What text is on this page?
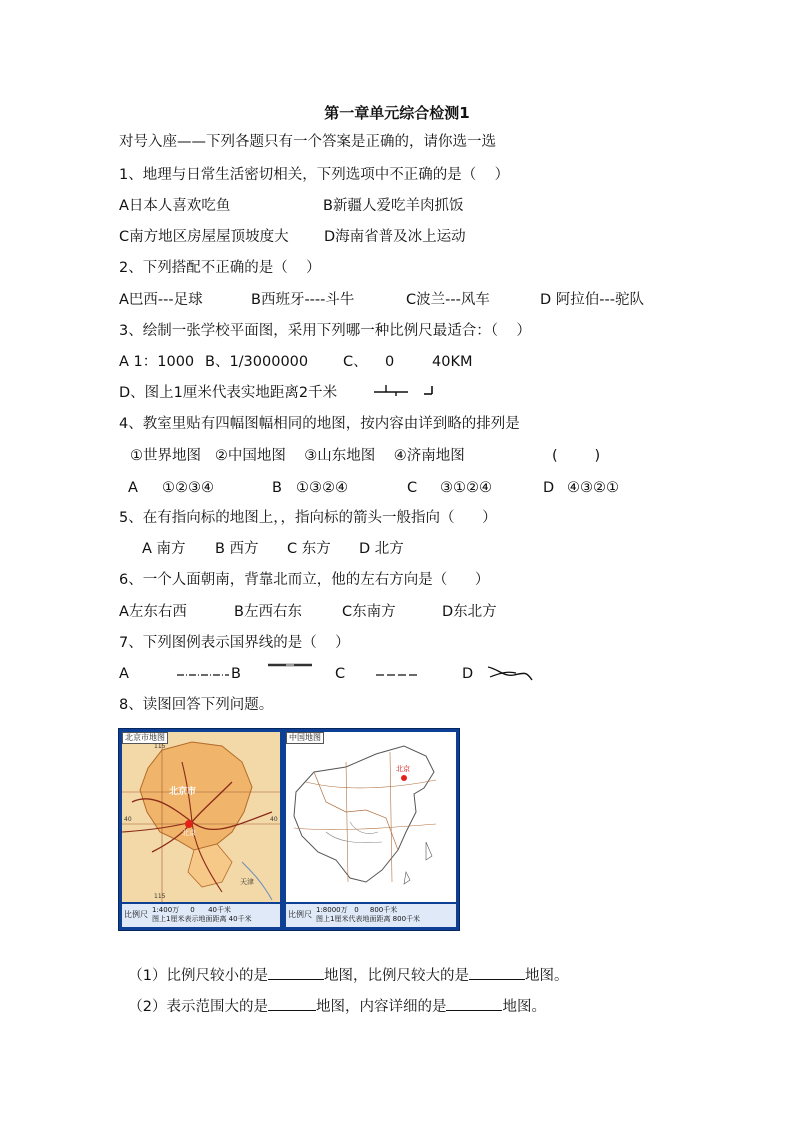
第一章单元综合检测1
对号入座——下列各题只有一个答案是正确的，请你选一选
1、地理与日常生活密切相关，下列选项中不正确的是（    ）
A日本人喜欢吃鱼	B新疆人爱吃羊肉抓饭
C南方地区房屋屋顶坡度大 D海南省普及冰上运动
2、下列搭配不正确的是（    ）
A巴西---足球	B西班牙----斗牛	C波兰---风车	D 阿拉伯---驼队
3、绘制一张学校平面图，采用下列哪一种比例尺最适合：（    ）
A 1：1000 B、1/3000000 C、 0	40KM
D、图上1厘米代表实地距离2千米
4、教室里贴有四幅图幅相同的地图，按内容由详到略的排列是
①世界地图   ②中国地图    ③山东地图    ④济南地图	(        )
A ①②③④	B ①③②④	C ③①②④	D ④③②①
5、在有指向标的地图上，，指向标的箭头一般指向（      ）
A 南方 B 西方 C 东方 D 北方
6、一个人面朝南，背靠北而立，他的左右方向是（      ）
A左东右西	B左西右东	C东南方	D东北方
7、下列图例表示国界线的是（    ）
A	B	C	D
8、读图回答下列问题。
北京市地图
北京市
北京
天津
40	40
115
115
中国地图
北京
比例尺 1:400万     0      40千米
图上1厘米表示地面距离 40千米	比例尺 1:8000万   0     800千米
图上1厘米代表地面距离 800千米

（1）比例尺较小的是	地图，比例尺较大的是	地图。

（2）表示范围大的是	地图，内容详细的是	地图。
